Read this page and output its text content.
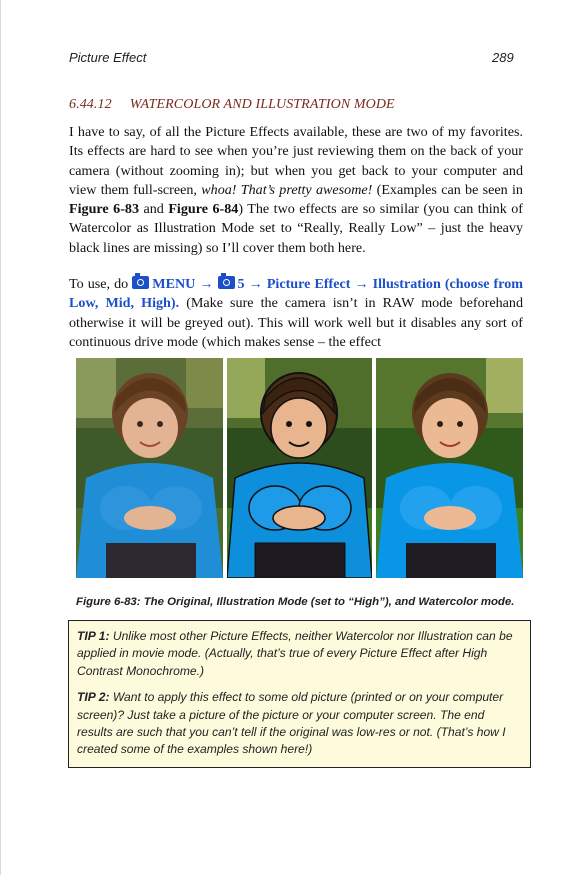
Picture Effect	289
6.44.12 WATERCOLOR AND ILLUSTRATION MODE
I have to say, of all the Picture Effects available, these are two of my favorites. Its effects are hard to see when you’re just reviewing them on the back of your camera (without zooming in); but when you get back to your computer and view them full-screen, whoa! That’s pretty awesome! (Examples can be seen in Figure 6-83 and Figure 6-84) The two effects are so similar (you can think of Watercolor as Illustration Mode set to “Really, Really Low” – just the heavy black lines are missing) so I’ll cover them both here.
To use, do MENU → 5 → Picture Effect → Illustration (choose from Low, Mid, High). (Make sure the camera isn’t in RAW mode beforehand otherwise it will be greyed out). This will work well but it disables any sort of continuous drive mode (which makes sense – the effect
Figure 6-83: The Original, Illustration Mode (set to “High”), and Watercolor mode.

TIP 1: Unlike most other Picture Effects, neither Watercolor nor Illustration can be applied in movie mode. (Actually, that’s true of every Picture Effect after High Contrast Monochrome.)

TIP 2: Want to apply this effect to some old picture (printed or on your computer screen)? Just take a picture of the picture or your computer screen. The end results are such that you can’t tell if the original was low-res or not. (That’s how I created some of the examples shown here!)
